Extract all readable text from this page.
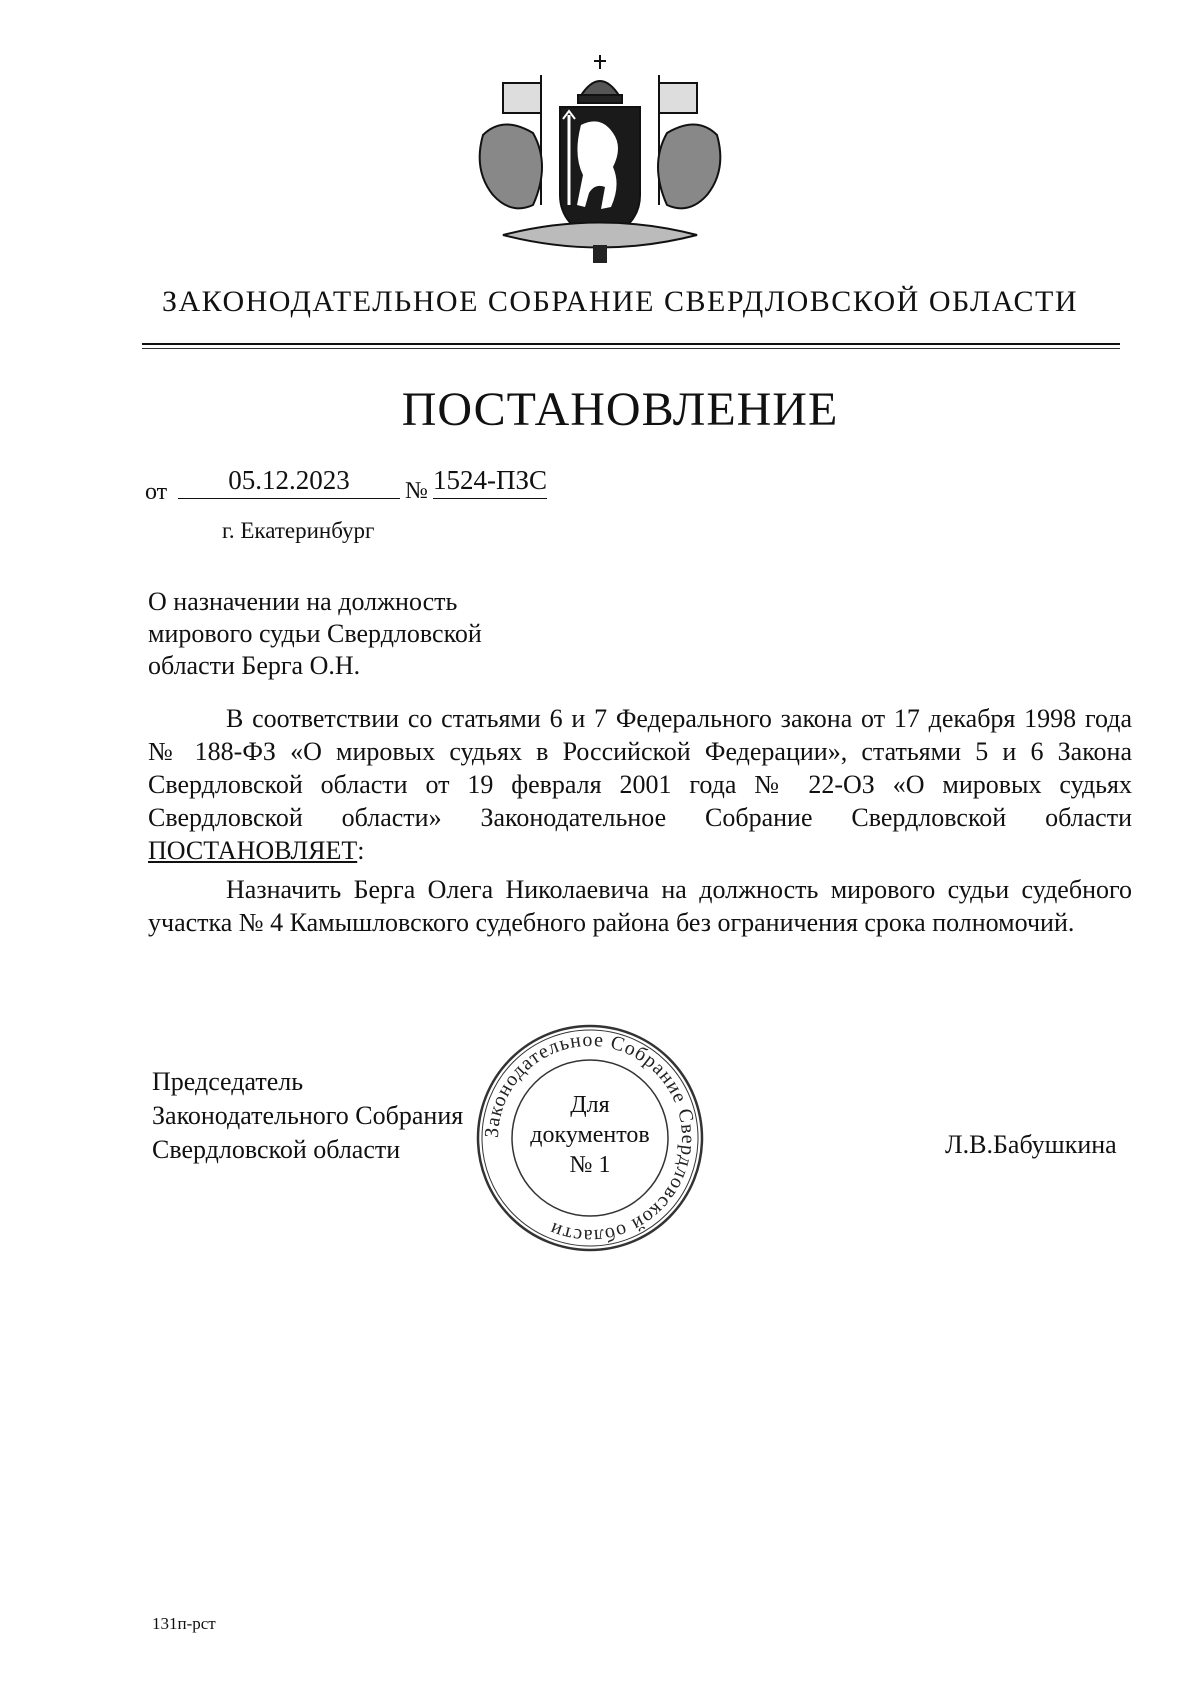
ЗАКОНОДАТЕЛЬНОЕ СОБРАНИЕ СВЕРДЛОВСКОЙ ОБЛАСТИ
ПОСТАНОВЛЕНИЕ
от	05.12.2023	№ 1524-ПЗС
г. Екатеринбург
О назначении на должность
мирового судьи Свердловской
области Берга О.Н.

В соответствии со статьями 6 и 7 Федерального закона от 17 декабря 1998 года № 188-ФЗ «О мировых судьях в Российской Федерации», статьями 5 и 6 Закона Свердловской области от 19 февраля 2001 года № 22-ОЗ «О мировых судьях Свердловской области» Законодательное Собрание Свердловской области ПОСТАНОВЛЯЕТ:

Назначить Берга Олега Николаевича на должность мирового судьи судебного участка № 4 Камышловского судебного района без ограничения срока полномочий.

Председатель
Законодательного Собрания
Свердловской области
Законодательное Собрание Свердловской области
Для
документов
№ 1
Л.В.Бабушкина
131п-рст
